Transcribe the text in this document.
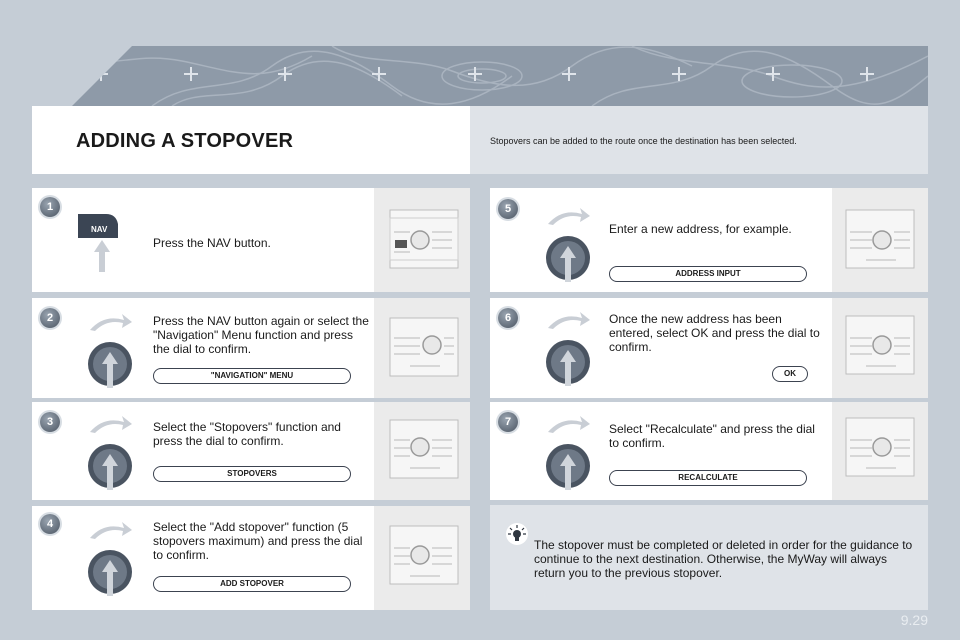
ADDING A STOPOVER	Stopovers can be added to the route once the destination has been selected.

1
NAV
Press the NAV button.
2	Press the NAV button again or select the "Navigation" Menu function and press the dial to confirm.
"NAVIGATION" MENU
3	Select the "Stopovers" function and press the dial to confirm.
STOPOVERS
4	Select the "Add stopover" function (5 stopovers maximum) and press the dial to confirm.
ADD STOPOVER
5
Enter a new address, for example.
ADDRESS INPUT
6	Once the new address has been entered, select OK and press the dial to confirm.
OK
7	Select "Recalculate" and press the dial to confirm.
RECALCULATE

The stopover must be completed or deleted in order for the guidance to continue to the next destination. Otherwise, the MyWay will always return you to the previous stopover.

9.29
